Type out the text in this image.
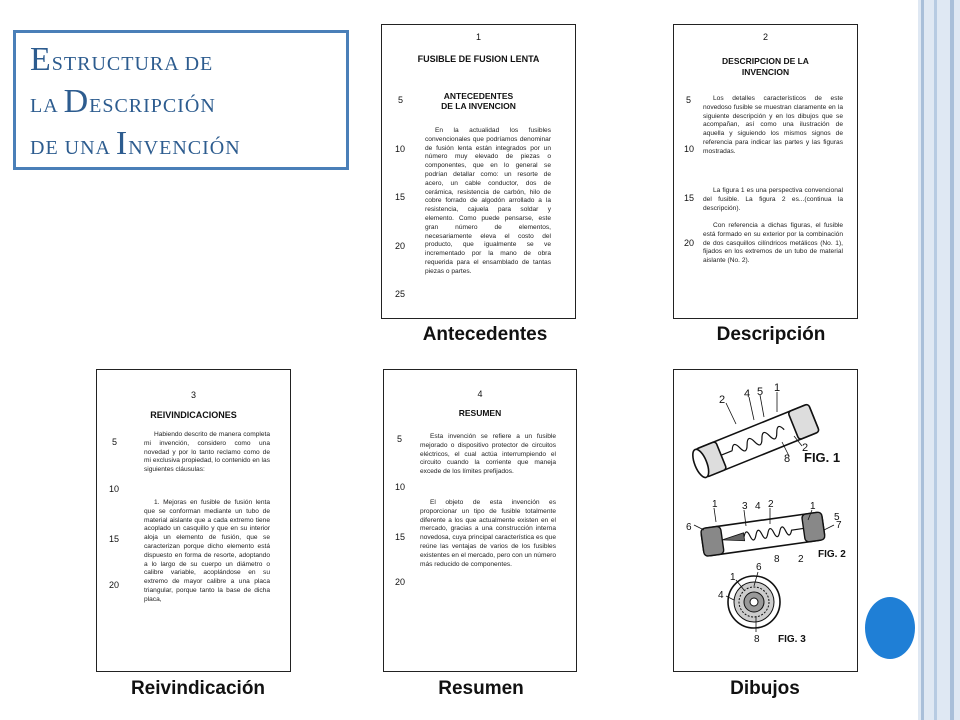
ESTRUCTURA DE
LA DESCRIPCIÓN
DE UNA INVENCIÓN
1
FUSIBLE DE FUSION LENTA
ANTECEDENTES
DE LA INVENCION
En la actualidad los fusibles convencionales que podríamos denominar de fusión lenta están integrados por un número muy elevado de piezas o componentes, que en lo general se podrían detallar como: un resorte de acero, un cable conductor, dos de cerámica, resistencia de carbón, hilo de cobre forrado de algodón arrollado a la resistencia, cajuela para soldar y elemento. Como puede pensarse, este gran número de elementos, necesariamente eleva el costo del producto, que igualmente se ve incrementado por la mano de obra requerida para el ensamblado de tantas piezas o partes.
5
10
15
20
25
Antecedentes
2
DESCRIPCION DE LA
INVENCION
Los detalles característicos de este novedoso fusible se muestran claramente en la siguiente descripción y en los dibujos que se acompañan, así como una ilustración de aquella y siguiendo los mismos signos de referencia para indicar las partes y las figuras mostradas.
La figura 1 es una perspectiva convencional del fusible. La figura 2 es...(continua la descripción).
Con referencia a dichas figuras, el fusible está formado en su exterior por la combinación de dos casquillos cilíndricos metálicos (No. 1), fijados en los extremos de un tubo de material aislante (No. 2).
5
10
15
20
Descripción
3
REIVINDICACIONES
Habiendo descrito de manera completa mi invención, considero como una novedad y por lo tanto reclamo como de mi exclusiva propiedad, lo contenido en las siguientes cláusulas:
1. Mejoras en fusible de fusión lenta que se conforman mediante un tubo de material aislante que a cada extremo tiene acoplado un casquillo y que en su interior aloja un elemento de fusión, que se caracterizan porque dicho elemento está dispuesto en forma de resorte, adoptando a lo largo de su cuerpo un diámetro o calibre variable, acoplándose en su extremo de mayor calibre a una placa triangular, porque tanto la base de dicha placa,
5
10
15
20
Reivindicación
4
RESUMEN
Esta invención se refiere a un fusible mejorado o dispositivo protector de circuitos eléctricos, el cual actúa interrumpiendo el circuito cuando la corriente que maneja excede de los límites prefijados.
El objeto de esta invención es proporcionar un tipo de fusible totalmente diferente a los que actualmente existen en el mercado, gracias a una construcción interna novedosa, cuya principal característica es que reúne las ventajas de varios de los fusibles existentes en el mercado, pero con un número más reducido de componentes.
5
10
15
20
Resumen
2 4 5 1
2
8 FIG. 1
1 3 4 2	1
6	7
5
8 2 FIG. 2
6
1
4
8 FIG. 3
Dibujos
